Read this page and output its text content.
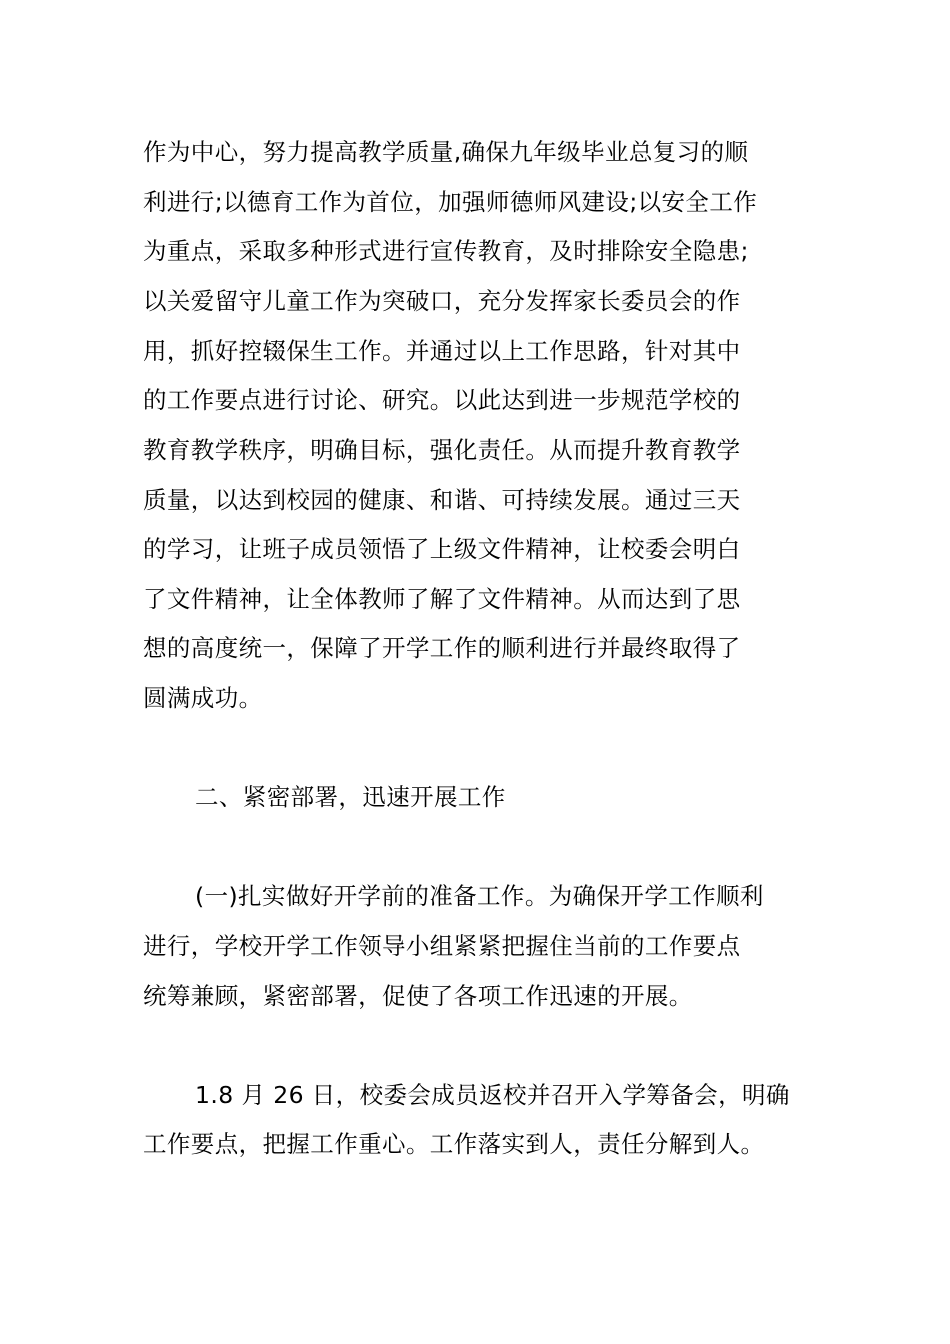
作为中心，努力提高教学质量,确保九年级毕业总复习的顺
利进行;以德育工作为首位，加强师德师风建设;以安全工作
为重点，采取多种形式进行宣传教育，及时排除安全隐患;
以关爱留守儿童工作为突破口，充分发挥家长委员会的作
用，抓好控辍保生工作。并通过以上工作思路，针对其中
的工作要点进行讨论、研究。以此达到进一步规范学校的
教育教学秩序，明确目标，强化责任。从而提升教育教学
质量，以达到校园的健康、和谐、可持续发展。通过三天
的学习，让班子成员领悟了上级文件精神，让校委会明白
了文件精神，让全体教师了解了文件精神。从而达到了思
想的高度统一，保障了开学工作的顺利进行并最终取得了
圆满成功。
二、紧密部署，迅速开展工作
(一)扎实做好开学前的准备工作。为确保开学工作顺利
进行，学校开学工作领导小组紧紧把握住当前的工作要点
统筹兼顾，紧密部署，促使了各项工作迅速的开展。
1.8 月 26 日，校委会成员返校并召开入学筹备会，明确
工作要点，把握工作重心。工作落实到人，责任分解到人。
